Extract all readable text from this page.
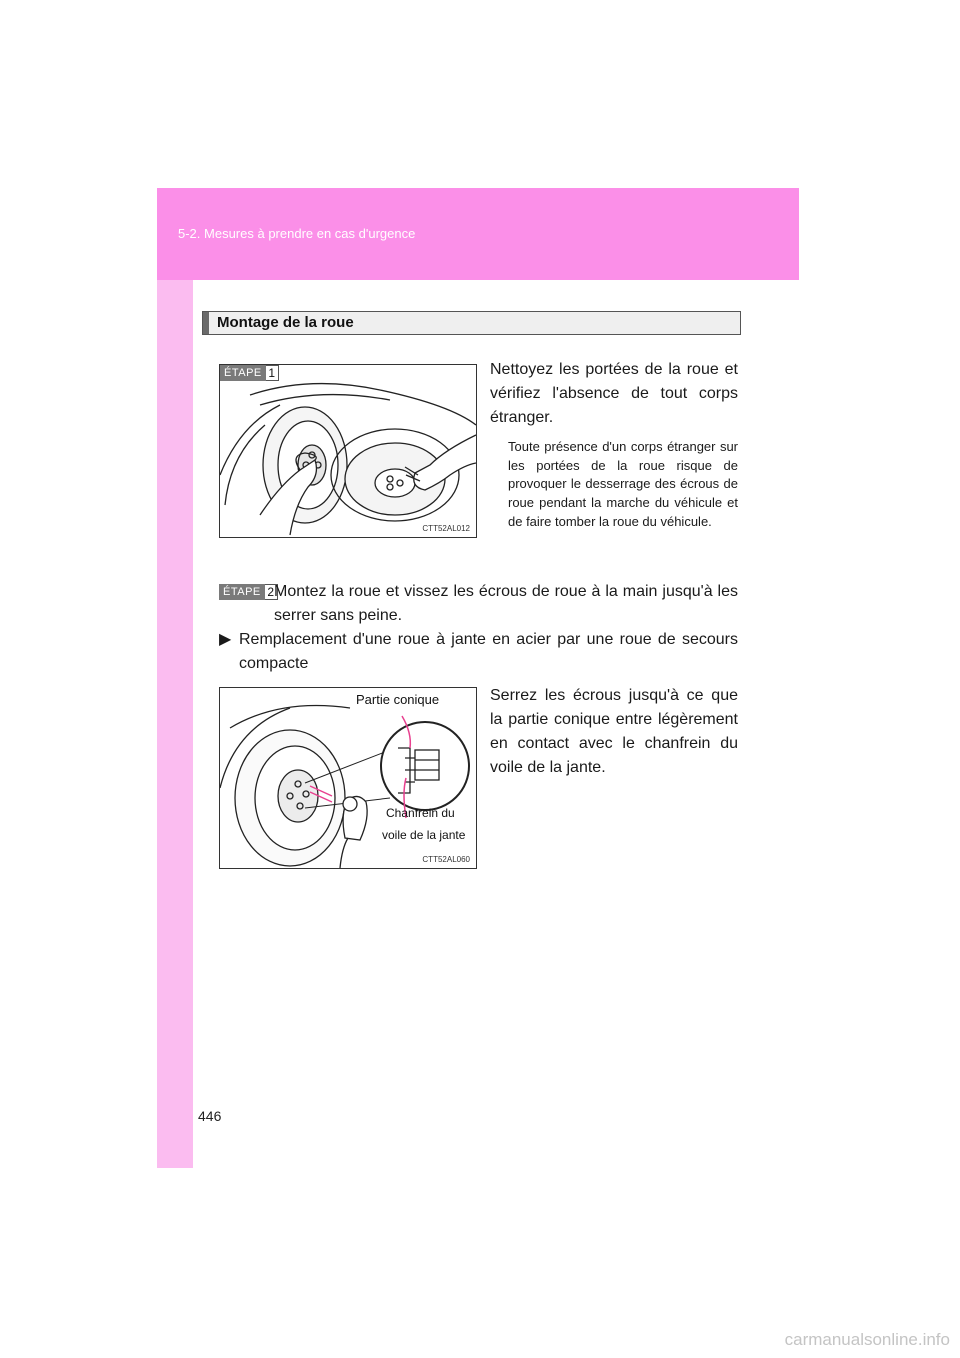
5-2. Mesures à prendre en cas d'urgence
Montage de la roue
ÉTAPE 1
CTT52AL012
Nettoyez les portées de la roue et vérifiez l'absence de tout corps étranger.
Toute présence d'un corps étranger sur les portées de la roue risque de provoquer le desserrage des écrous de roue pendant la marche du véhicule et de faire tomber la roue du véhicule.
ÉTAPE 2 Montez la roue et vissez les écrous de roue à la main jusqu'à les serrer sans peine.
▶ Remplacement d'une roue à jante en acier par une roue de secours compacte
Partie conique
Chanfrein du
voile de la jante
CTT52AL060
Serrez les écrous jusqu'à ce que la partie conique entre légèrement en contact avec le chanfrein du voile de la jante.
446
carmanualsonline.info
